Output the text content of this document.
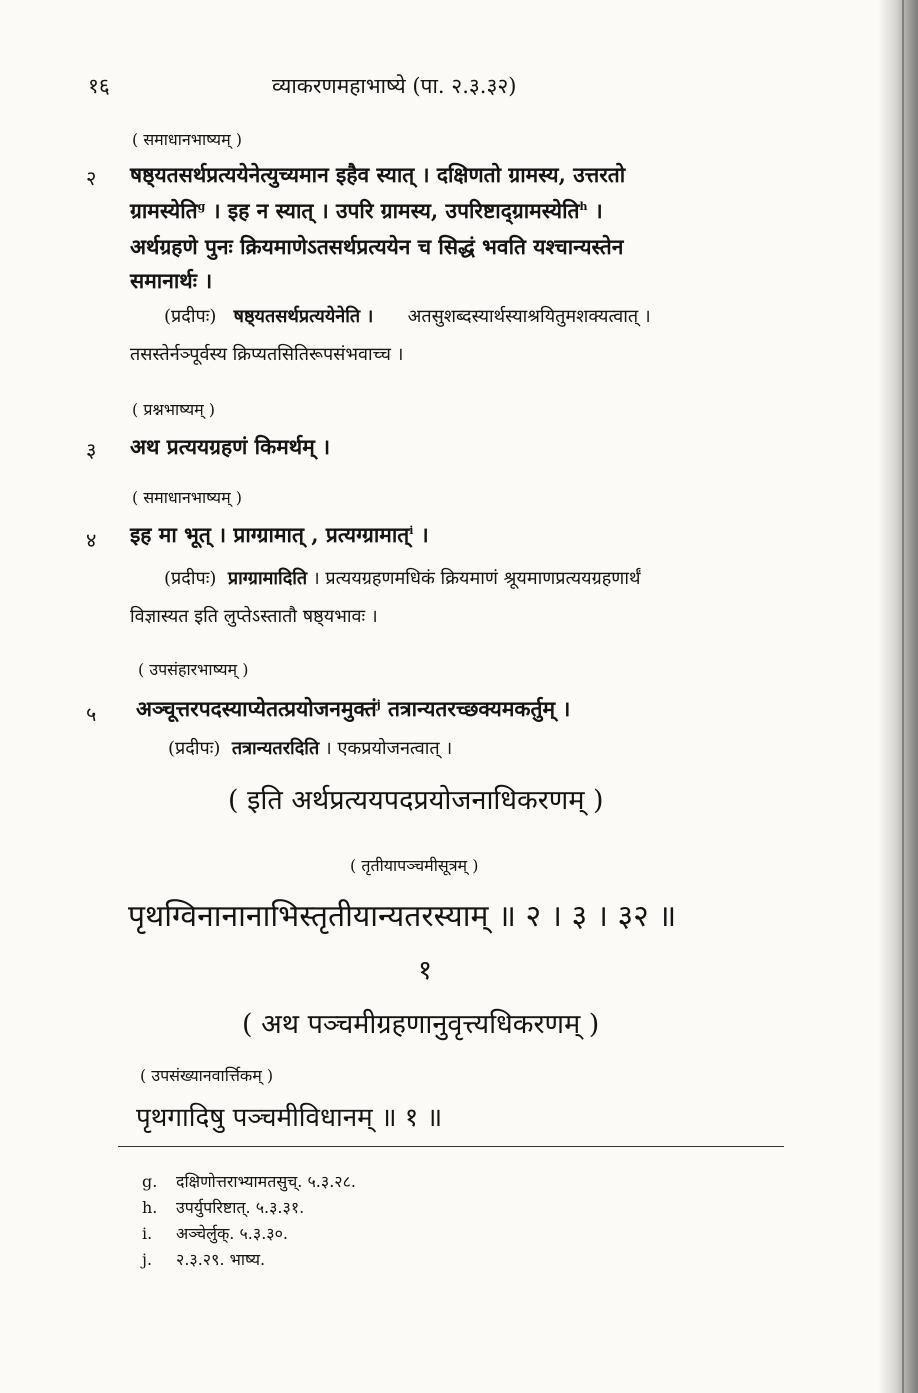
१६	व्याकरणमहाभाष्ये (पा. २.३.३२)
( समाधानभाष्यम् )
२ षष्ठ्यतसर्थप्रत्ययेनेत्युच्यमान इहैव स्यात् । दक्षिणतो ग्रामस्य, उत्तरतो
ग्रामस्येति$^g$ । इह न स्यात् । उपरि ग्रामस्य, उपरिष्टाद्ग्रामस्येति$^h$ ।
अर्थग्रहणे पुनः क्रियमाणेऽतसर्थप्रत्ययेन च सिद्धं भवति यश्चान्यस्तेन
समानार्थः ।
(प्रदीपः) षष्ठ्यतसर्थप्रत्ययेनेति । अतसुशब्दस्यार्थस्याश्रयितुमशक्यत्वात् ।
तसस्तेर्नञ्पूर्वस्य क्रिप्यतसितिरूपसंभवाच्च ।
( प्रश्नभाष्यम् )
३ अथ प्रत्ययग्रहणं किमर्थम् ।
( समाधानभाष्यम् )
४ इह मा भूत् । प्राग्ग्रामात् , प्रत्यग्ग्रामात्$^i$ ।
(प्रदीपः) प्राग्ग्रामादिति । प्रत्ययग्रहणमधिकं क्रियमाणं श्रूयमाणप्रत्ययग्रहणार्थं
विज्ञास्यत इति लुप्तेऽस्तातौ षष्ठ्यभावः ।
( उपसंहारभाष्यम् )
५ अञ्चूत्तरपदस्याप्येतत्प्रयोजनमुक्तं$^j$ तत्रान्यतरच्छक्यमकर्तुम् ।
(प्रदीपः) तत्रान्यतरदिति । एकप्रयोजनत्वात् ।
( इति अर्थप्रत्ययपदप्रयोजनाधिकरणम् )
( तृतीयापञ्चमीसूत्रम् )
पृथग्विनानानाभिस्तृतीयान्यतरस्याम् ॥ २ । ३ । ३२ ॥
१
( अथ पञ्चमीग्रहणानुवृत्त्यधिकरणम् )
( उपसंख्यानवार्त्तिकम् )
पृथगादिषु पञ्चमीविधानम् ॥ १ ॥
g. दक्षिणोत्तराभ्यामतसुच्. ५.३.२८.
h. उपर्युपरिष्टात्. ५.३.३१.
i. अञ्चेर्लुक्. ५.३.३०.
j. २.३.२९. भाष्य.
